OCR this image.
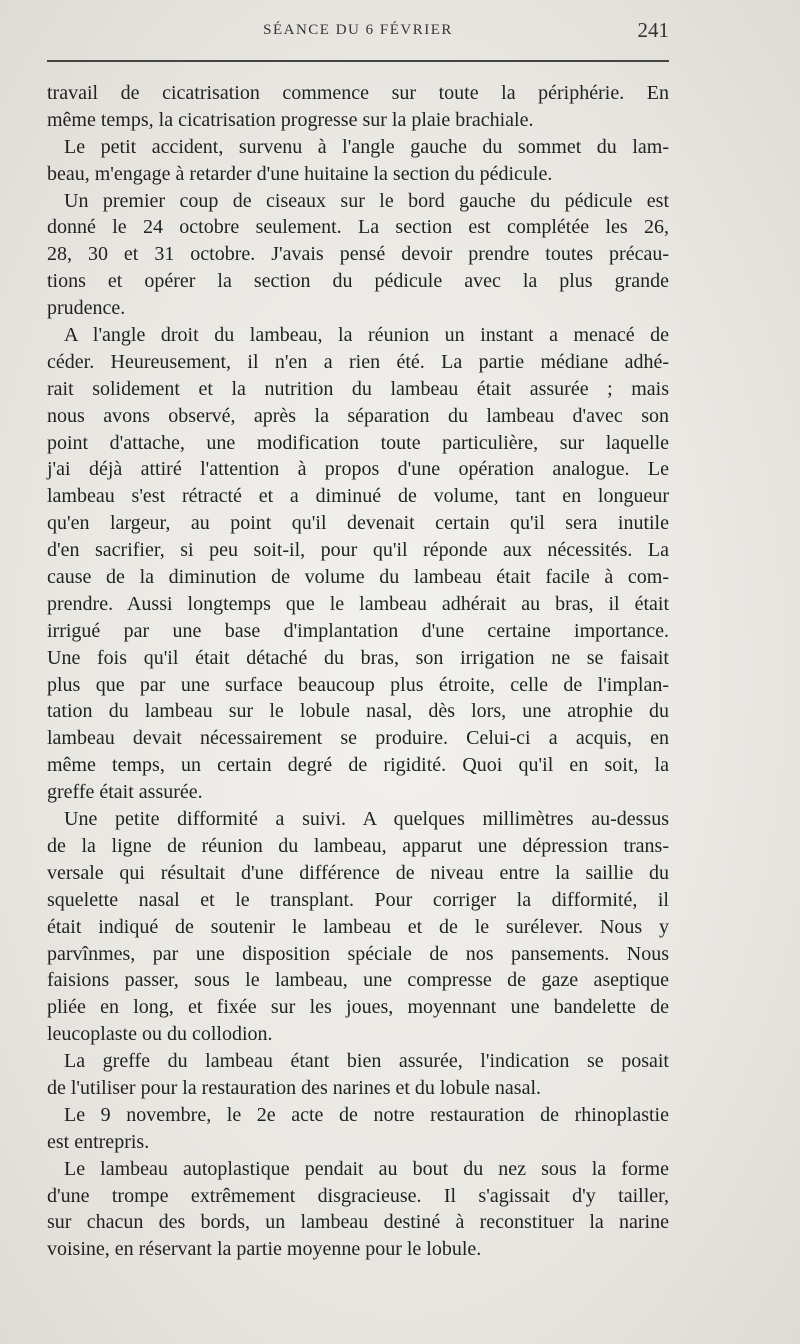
SÉANCE DU 6 FÉVRIER	241
travail de cicatrisation commence sur toute la périphérie. En
même temps, la cicatrisation progresse sur la plaie brachiale.
Le petit accident, survenu à l'angle gauche du sommet du lam-
beau, m'engage à retarder d'une huitaine la section du pédicule.
Un premier coup de ciseaux sur le bord gauche du pédicule est
donné le 24 octobre seulement. La section est complétée les 26,
28, 30 et 31 octobre. J'avais pensé devoir prendre toutes précau-
tions et opérer la section du pédicule avec la plus grande
prudence.
A l'angle droit du lambeau, la réunion un instant a menacé de
céder. Heureusement, il n'en a rien été. La partie médiane adhé-
rait solidement et la nutrition du lambeau était assurée ; mais
nous avons observé, après la séparation du lambeau d'avec son
point d'attache, une modification toute particulière, sur laquelle
j'ai déjà attiré l'attention à propos d'une opération analogue. Le
lambeau s'est rétracté et a diminué de volume, tant en longueur
qu'en largeur, au point qu'il devenait certain qu'il sera inutile
d'en sacrifier, si peu soit-il, pour qu'il réponde aux nécessités. La
cause de la diminution de volume du lambeau était facile à com-
prendre. Aussi longtemps que le lambeau adhérait au bras, il était
irrigué par une base d'implantation d'une certaine importance.
Une fois qu'il était détaché du bras, son irrigation ne se faisait
plus que par une surface beaucoup plus étroite, celle de l'implan-
tation du lambeau sur le lobule nasal, dès lors, une atrophie du
lambeau devait nécessairement se produire. Celui-ci a acquis, en
même temps, un certain degré de rigidité. Quoi qu'il en soit, la
greffe était assurée.
Une petite difformité a suivi. A quelques millimètres au-dessus
de la ligne de réunion du lambeau, apparut une dépression trans-
versale qui résultait d'une différence de niveau entre la saillie du
squelette nasal et le transplant. Pour corriger la difformité, il
était indiqué de soutenir le lambeau et de le surélever. Nous y
parvînmes, par une disposition spéciale de nos pansements. Nous
faisions passer, sous le lambeau, une compresse de gaze aseptique
pliée en long, et fixée sur les joues, moyennant une bandelette de
leucoplaste ou du collodion.
La greffe du lambeau étant bien assurée, l'indication se posait
de l'utiliser pour la restauration des narines et du lobule nasal.
Le 9 novembre, le 2e acte de notre restauration de rhinoplastie
est entrepris.
Le lambeau autoplastique pendait au bout du nez sous la forme
d'une trompe extrêmement disgracieuse. Il s'agissait d'y tailler,
sur chacun des bords, un lambeau destiné à reconstituer la narine
voisine, en réservant la partie moyenne pour le lobule.
